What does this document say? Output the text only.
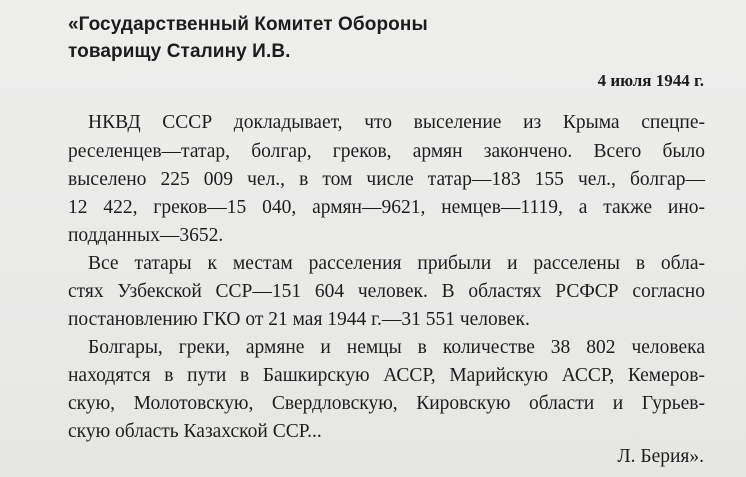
«Государственный Комитет Обороны
товарищу Сталину И.В.
4 июля 1944 г.
НКВД СССР докладывает, что выселение из Крыма спецпе-
реселенцев—татар, болгар, греков, армян закончено. Всего было
выселено 225 009 чел., в том числе татар—183 155 чел., болгар—
12 422, греков—15 040, армян—9621, немцев—1119, а также ино-
подданных—3652.
Все татары к местам расселения прибыли и расселены в обла-
стях Узбекской ССР—151 604 человек. В областях РСФСР согласно
постановлению ГКО от 21 мая 1944 г.—31 551 человек.
Болгары, греки, армяне и немцы в количестве 38 802 человека
находятся в пути в Башкирскую АССР, Марийскую АССР, Кемеров-
скую, Молотовскую, Свердловскую, Кировскую области и Гурьев-
скую область Казахской ССР...
Л. Берия».
